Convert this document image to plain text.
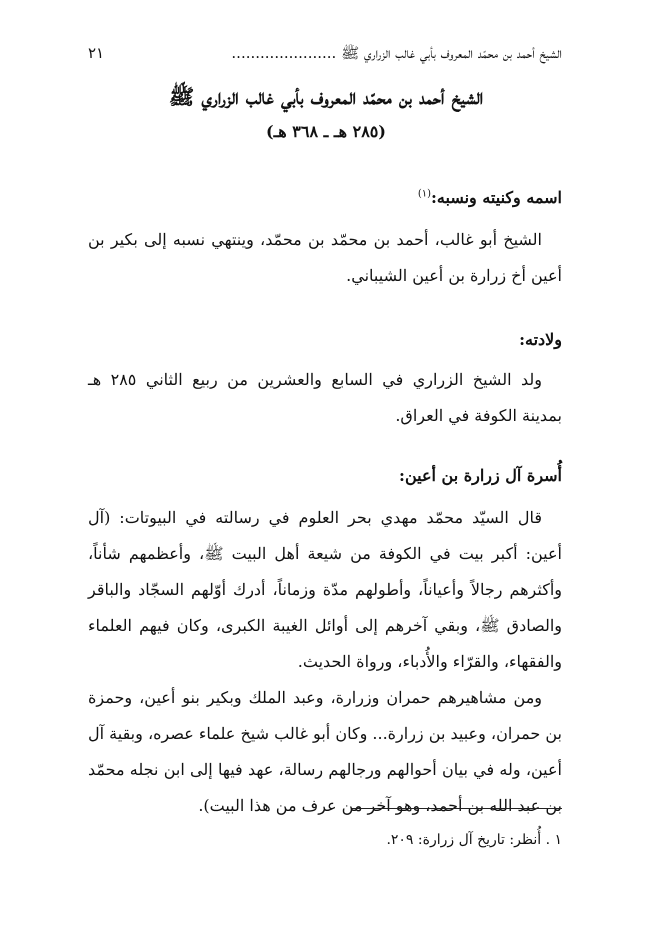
الشيخ أحمد بن محمّد المعروف بأبي غالب الزراري ﷺ ......................
٢١
الشيخ أحمد بن محمّد المعروف بأبي غالب الزراري ﷺ
(٢٨٥ هـ ـ ٣٦٨ هـ)
اسمه وكنيته ونسبه:$^{(١)}$

الشيخ أبو غالب، أحمد بن محمّد بن محمّد، وينتهي نسبه إلى بكير بن أعين أخ زرارة بن أعين الشيباني.

ولادته:

ولد الشيخ الزراري في السابع والعشرين من ربيع الثاني ٢٨٥ هـ بمدينة الكوفة في العراق.

أُسرة آل زرارة بن أعين:

قال السيّد محمّد مهدي بحر العلوم في رسالته في البيوتات: (آل أعين: أكبر بيت في الكوفة من شيعة أهل البيت ﷺ، وأعظمهم شأناً، وأكثرهم رجالاً وأعياناً، وأطولهم مدّة وزماناً، أدرك أوّلهم السجّاد والباقر والصادق ﷺ، وبقي آخرهم إلى أوائل الغيبة الكبرى، وكان فيهم العلماء والفقهاء، والقرّاء والأُدباء، ورواة الحديث.

ومن مشاهيرهم حمران وزرارة، وعبد الملك وبكير بنو أعين، وحمزة بن حمران، وعبيد بن زرارة... وكان أبو غالب شيخ علماء عصره، وبقية آل أعين، وله في بيان أحوالهم ورجالهم رسالة، عهد فيها إلى ابن نجله محمّد بن عبد الله بن أحمد، وهو آخر من عرف من هذا البيت).

١ . أُنظر: تاريخ آل زرارة: ٢٠٩.
